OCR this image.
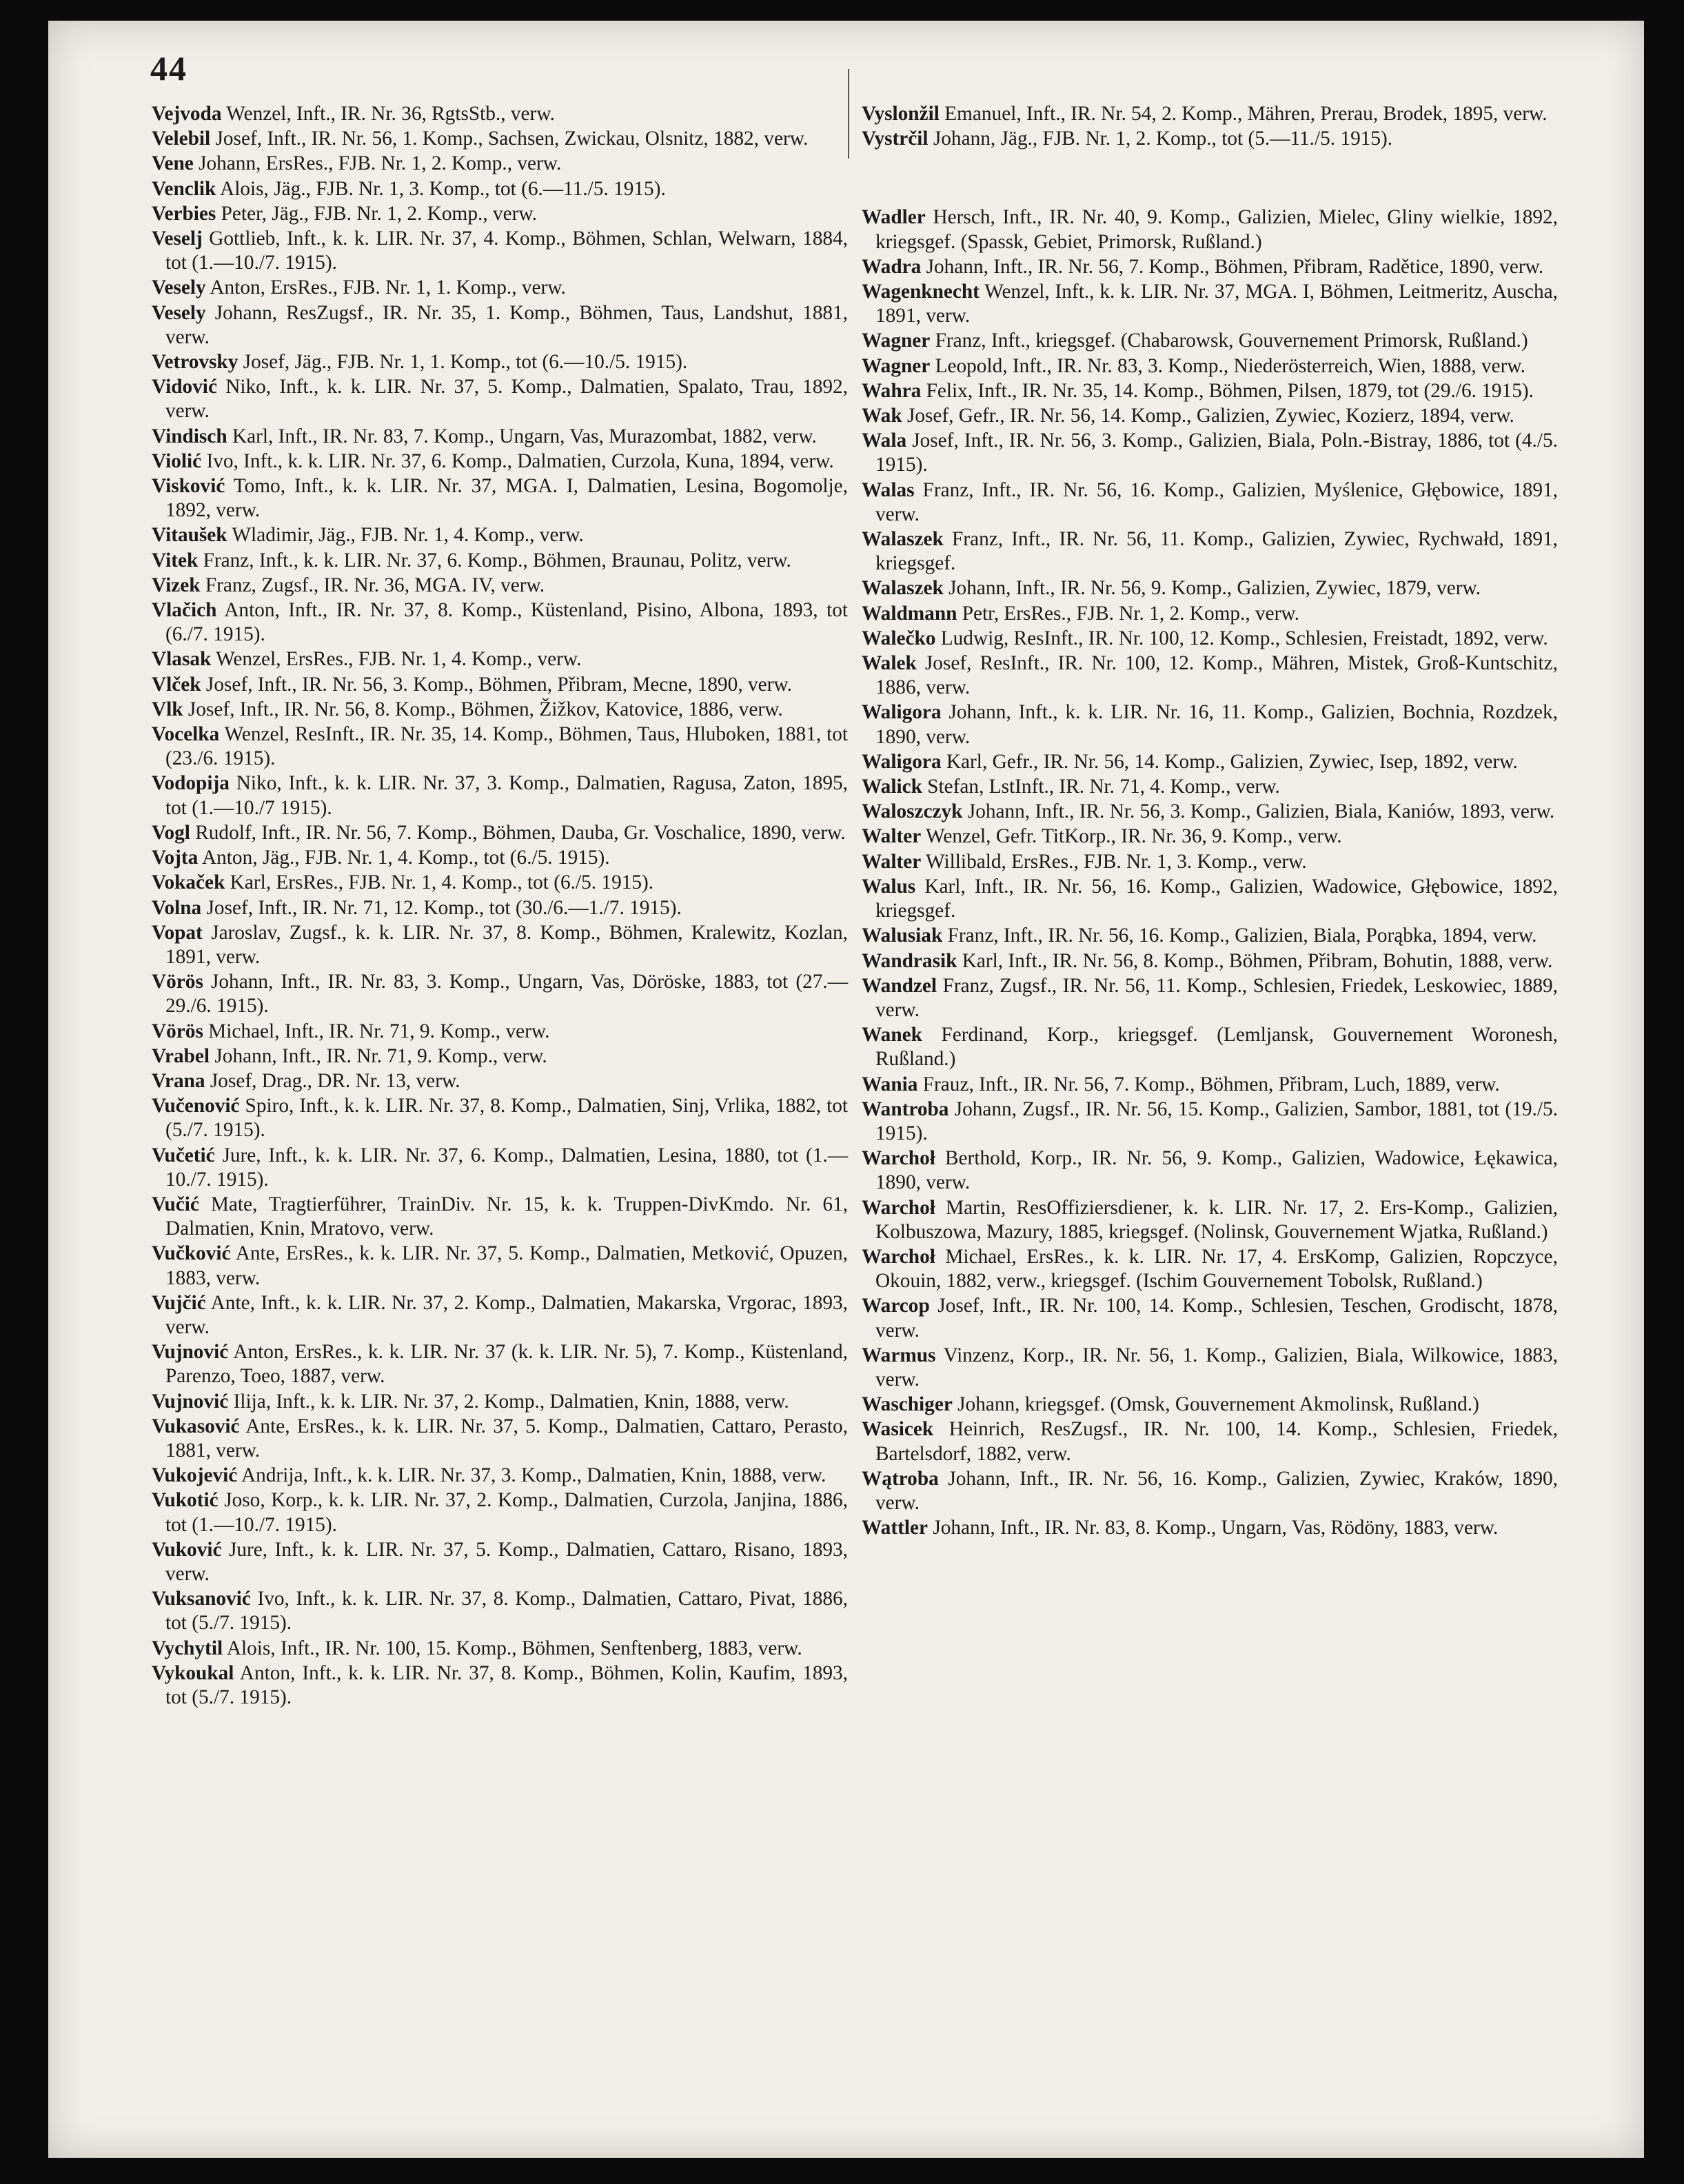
44
Vejvoda Wenzel, Inft., IR. Nr. 36, RgtsStb., verw.
Velebil Josef, Inft., IR. Nr. 56, 1. Komp., Sachsen, Zwickau, Olsnitz, 1882, verw.
Vene Johann, ErsRes., FJB. Nr. 1, 2. Komp., verw.
Venclik Alois, Jäg., FJB. Nr. 1, 3. Komp., tot (6.—11./5. 1915).
Verbies Peter, Jäg., FJB. Nr. 1, 2. Komp., verw.
Veselj Gottlieb, Inft., k. k. LIR. Nr. 37, 4. Komp., Böhmen, Schlan, Welwarn, 1884, tot (1.—10./7. 1915).
Vesely Anton, ErsRes., FJB. Nr. 1, 1. Komp., verw.
Vesely Johann, ResZugsf., IR. Nr. 35, 1. Komp., Böhmen, Taus, Landshut, 1881, verw.
Vetrovsky Josef, Jäg., FJB. Nr. 1, 1. Komp., tot (6.—10./5. 1915).
Vidović Niko, Inft., k. k. LIR. Nr. 37, 5. Komp., Dalmatien, Spalato, Trau, 1892, verw.
Vindisch Karl, Inft., IR. Nr. 83, 7. Komp., Ungarn, Vas, Murazombat, 1882, verw.
Violić Ivo, Inft., k. k. LIR. Nr. 37, 6. Komp., Dalmatien, Curzola, Kuna, 1894, verw.
Visković Tomo, Inft., k. k. LIR. Nr. 37, MGA. I, Dalmatien, Lesina, Bogomolje, 1892, verw.
Vitaušek Wladimir, Jäg., FJB. Nr. 1, 4. Komp., verw.
Vitek Franz, Inft., k. k. LIR. Nr. 37, 6. Komp., Böhmen, Braunau, Politz, verw.
Vizek Franz, Zugsf., IR. Nr. 36, MGA. IV, verw.
Vlačich Anton, Inft., IR. Nr. 37, 8. Komp., Küstenland, Pisino, Albona, 1893, tot (6./7. 1915).
Vlasak Wenzel, ErsRes., FJB. Nr. 1, 4. Komp., verw.
Vlček Josef, Inft., IR. Nr. 56, 3. Komp., Böhmen, Přibram, Mecne, 1890, verw.
Vlk Josef, Inft., IR. Nr. 56, 8. Komp., Böhmen, Žižkov, Katovice, 1886, verw.
Vocelka Wenzel, ResInft., IR. Nr. 35, 14. Komp., Böhmen, Taus, Hluboken, 1881, tot (23./6. 1915).
Vodopija Niko, Inft., k. k. LIR. Nr. 37, 3. Komp., Dalmatien, Ragusa, Zaton, 1895, tot (1.—10./7 1915).
Vogl Rudolf, Inft., IR. Nr. 56, 7. Komp., Böhmen, Dauba, Gr. Voschalice, 1890, verw.
Vojta Anton, Jäg., FJB. Nr. 1, 4. Komp., tot (6./5. 1915).
Vokaček Karl, ErsRes., FJB. Nr. 1, 4. Komp., tot (6./5. 1915).
Volna Josef, Inft., IR. Nr. 71, 12. Komp., tot (30./6.—1./7. 1915).
Vopat Jaroslav, Zugsf., k. k. LIR. Nr. 37, 8. Komp., Böhmen, Kralewitz, Kozlan, 1891, verw.
Vörös Johann, Inft., IR. Nr. 83, 3. Komp., Ungarn, Vas, Döröske, 1883, tot (27.—29./6. 1915).
Vörös Michael, Inft., IR. Nr. 71, 9. Komp., verw.
Vrabel Johann, Inft., IR. Nr. 71, 9. Komp., verw.
Vrana Josef, Drag., DR. Nr. 13, verw.
Vučenović Spiro, Inft., k. k. LIR. Nr. 37, 8. Komp., Dalmatien, Sinj, Vrlika, 1882, tot (5./7. 1915).
Vučetić Jure, Inft., k. k. LIR. Nr. 37, 6. Komp., Dalmatien, Lesina, 1880, tot (1.—10./7. 1915).
Vučić Mate, Tragtierführer, TrainDiv. Nr. 15, k. k. Truppen-DivKmdo. Nr. 61, Dalmatien, Knin, Mratovo, verw.
Vučković Ante, ErsRes., k. k. LIR. Nr. 37, 5. Komp., Dalmatien, Metković, Opuzen, 1883, verw.
Vujčić Ante, Inft., k. k. LIR. Nr. 37, 2. Komp., Dalmatien, Makarska, Vrgorac, 1893, verw.
Vujnović Anton, ErsRes., k. k. LIR. Nr. 37 (k. k. LIR. Nr. 5), 7. Komp., Küstenland, Parenzo, Toeo, 1887, verw.
Vujnović Ilija, Inft., k. k. LIR. Nr. 37, 2. Komp., Dalmatien, Knin, 1888, verw.
Vukasović Ante, ErsRes., k. k. LIR. Nr. 37, 5. Komp., Dalmatien, Cattaro, Perasto, 1881, verw.
Vukojević Andrija, Inft., k. k. LIR. Nr. 37, 3. Komp., Dalmatien, Knin, 1888, verw.
Vukotić Joso, Korp., k. k. LIR. Nr. 37, 2. Komp., Dalmatien, Curzola, Janjina, 1886, tot (1.—10./7. 1915).
Vuković Jure, Inft., k. k. LIR. Nr. 37, 5. Komp., Dalmatien, Cattaro, Risano, 1893, verw.
Vuksanović Ivo, Inft., k. k. LIR. Nr. 37, 8. Komp., Dalmatien, Cattaro, Pivat, 1886, tot (5./7. 1915).
Vychytil Alois, Inft., IR. Nr. 100, 15. Komp., Böhmen, Senftenberg, 1883, verw.
Vykoukal Anton, Inft., k. k. LIR. Nr. 37, 8. Komp., Böhmen, Kolin, Kaufim, 1893, tot (5./7. 1915).
Vyslonžil Emanuel, Inft., IR. Nr. 54, 2. Komp., Mähren, Prerau, Brodek, 1895, verw.
Vystrčil Johann, Jäg., FJB. Nr. 1, 2. Komp., tot (5.—11./5. 1915).
Wadler Hersch, Inft., IR. Nr. 40, 9. Komp., Galizien, Mielec, Gliny wielkie, 1892, kriegsgef. (Spassk, Gebiet, Primorsk, Rußland.)
Wadra Johann, Inft., IR. Nr. 56, 7. Komp., Böhmen, Přibram, Radětice, 1890, verw.
Wagenknecht Wenzel, Inft., k. k. LIR. Nr. 37, MGA. I, Böhmen, Leitmeritz, Auscha, 1891, verw.
Wagner Franz, Inft., kriegsgef. (Chabarowsk, Gouvernement Primorsk, Rußland.)
Wagner Leopold, Inft., IR. Nr. 83, 3. Komp., Niederösterreich, Wien, 1888, verw.
Wahra Felix, Inft., IR. Nr. 35, 14. Komp., Böhmen, Pilsen, 1879, tot (29./6. 1915).
Wak Josef, Gefr., IR. Nr. 56, 14. Komp., Galizien, Zywiec, Kozierz, 1894, verw.
Wala Josef, Inft., IR. Nr. 56, 3. Komp., Galizien, Biala, Poln.-Bistray, 1886, tot (4./5. 1915).
Walas Franz, Inft., IR. Nr. 56, 16. Komp., Galizien, Myślenice, Głębowice, 1891, verw.
Walaszek Franz, Inft., IR. Nr. 56, 11. Komp., Galizien, Zywiec, Rychwałd, 1891, kriegsgef.
Walaszek Johann, Inft., IR. Nr. 56, 9. Komp., Galizien, Zywiec, 1879, verw.
Waldmann Petr, ErsRes., FJB. Nr. 1, 2. Komp., verw.
Walečko Ludwig, ResInft., IR. Nr. 100, 12. Komp., Schlesien, Freistadt, 1892, verw.
Walek Josef, ResInft., IR. Nr. 100, 12. Komp., Mähren, Mistek, Groß-Kuntschitz, 1886, verw.
Waligora Johann, Inft., k. k. LIR. Nr. 16, 11. Komp., Galizien, Bochnia, Rozdzek, 1890, verw.
Waligora Karl, Gefr., IR. Nr. 56, 14. Komp., Galizien, Zywiec, Isep, 1892, verw.
Walick Stefan, LstInft., IR. Nr. 71, 4. Komp., verw.
Waloszczyk Johann, Inft., IR. Nr. 56, 3. Komp., Galizien, Biala, Kaniów, 1893, verw.
Walter Wenzel, Gefr. TitKorp., IR. Nr. 36, 9. Komp., verw.
Walter Willibald, ErsRes., FJB. Nr. 1, 3. Komp., verw.
Walus Karl, Inft., IR. Nr. 56, 16. Komp., Galizien, Wadowice, Głębowice, 1892, kriegsgef.
Walusiak Franz, Inft., IR. Nr. 56, 16. Komp., Galizien, Biala, Porąbka, 1894, verw.
Wandrasik Karl, Inft., IR. Nr. 56, 8. Komp., Böhmen, Přibram, Bohutin, 1888, verw.
Wandzel Franz, Zugsf., IR. Nr. 56, 11. Komp., Schlesien, Friedek, Leskowiec, 1889, verw.
Wanek Ferdinand, Korp., kriegsgef. (Lemljansk, Gouvernement Woronesh, Rußland.)
Wania Frauz, Inft., IR. Nr. 56, 7. Komp., Böhmen, Přibram, Luch, 1889, verw.
Wantroba Johann, Zugsf., IR. Nr. 56, 15. Komp., Galizien, Sambor, 1881, tot (19./5. 1915).
Warchoł Berthold, Korp., IR. Nr. 56, 9. Komp., Galizien, Wadowice, Łękawica, 1890, verw.
Warchoł Martin, ResOffiziersdiener, k. k. LIR. Nr. 17, 2. Ers-Komp., Galizien, Kolbuszowa, Mazury, 1885, kriegsgef. (Nolinsk, Gouvernement Wjatka, Rußland.)
Warchoł Michael, ErsRes., k. k. LIR. Nr. 17, 4. ErsKomp, Galizien, Ropczyce, Okouin, 1882, verw., kriegsgef. (Ischim Gouvernement Tobolsk, Rußland.)
Warcop Josef, Inft., IR. Nr. 100, 14. Komp., Schlesien, Teschen, Grodischt, 1878, verw.
Warmus Vinzenz, Korp., IR. Nr. 56, 1. Komp., Galizien, Biala, Wilkowice, 1883, verw.
Waschiger Johann, kriegsgef. (Omsk, Gouvernement Akmolinsk, Rußland.)
Wasicek Heinrich, ResZugsf., IR. Nr. 100, 14. Komp., Schlesien, Friedek, Bartelsdorf, 1882, verw.
Wątroba Johann, Inft., IR. Nr. 56, 16. Komp., Galizien, Zywiec, Kraków, 1890, verw.
Wattler Johann, Inft., IR. Nr. 83, 8. Komp., Ungarn, Vas, Rödöny, 1883, verw.
